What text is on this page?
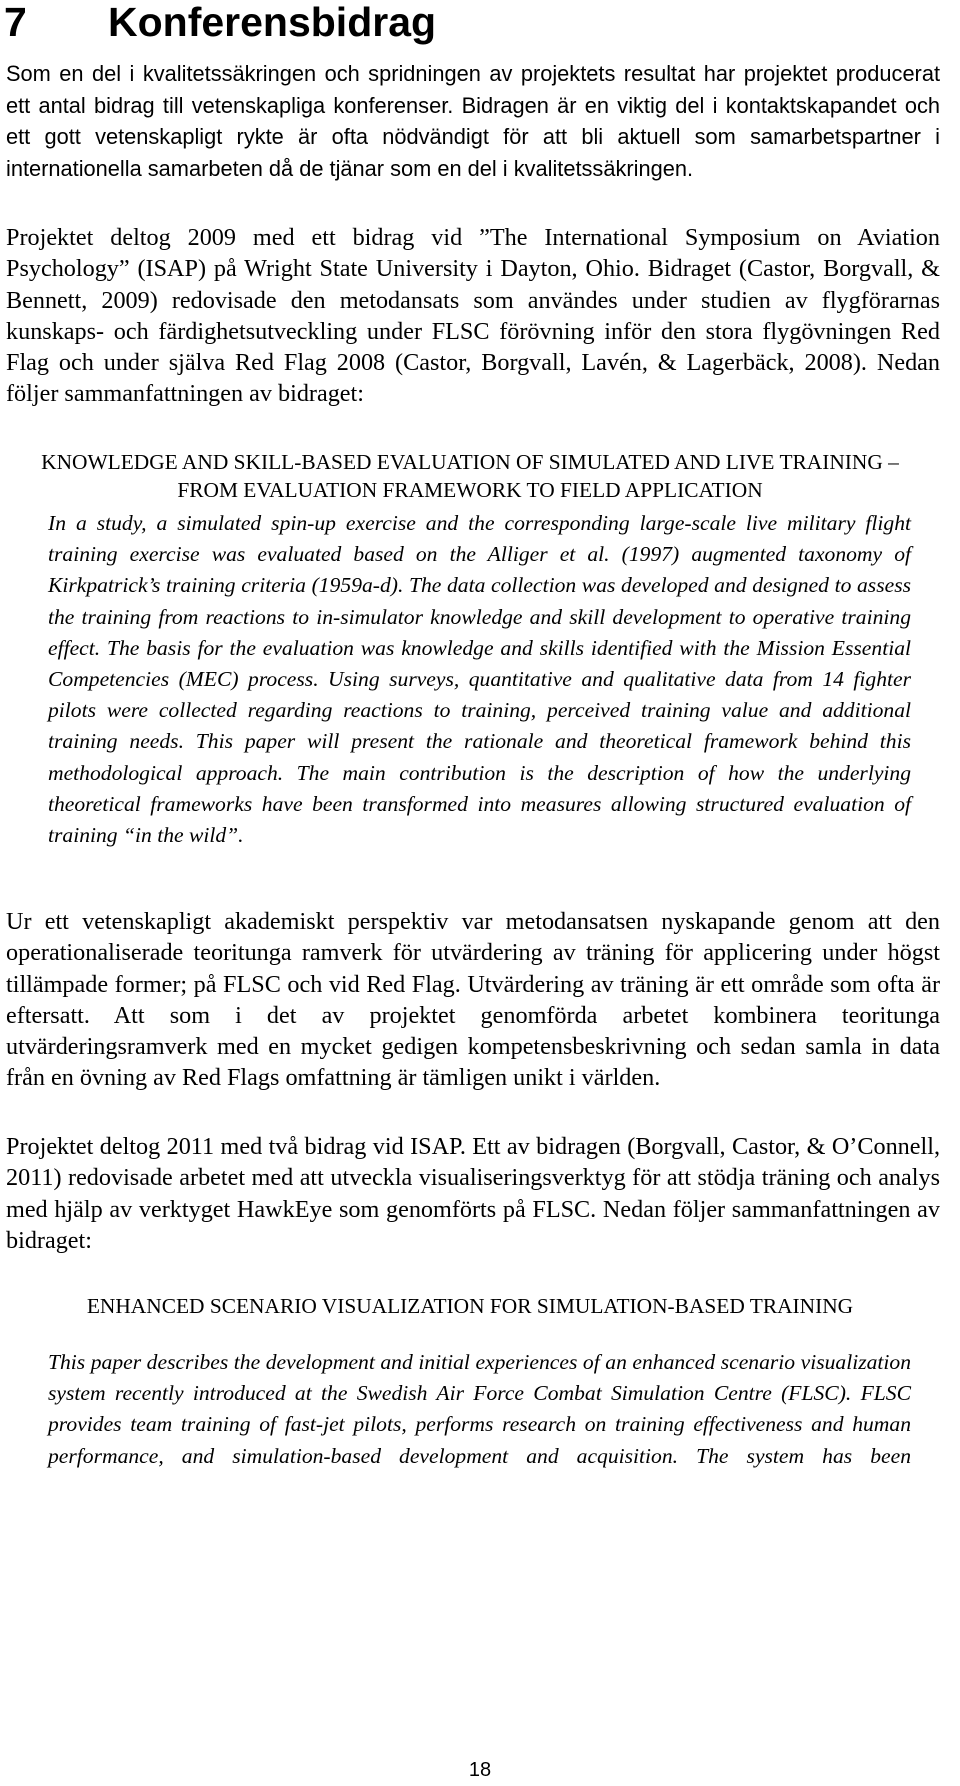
7 Konferensbidrag

Som en del i kvalitetssäkringen och spridningen av projektets resultat har projektet producerat ett antal bidrag till vetenskapliga konferenser. Bidragen är en viktig del i kontaktskapandet och ett gott vetenskapligt rykte är ofta nödvändigt för att bli aktuell som samarbetspartner i internationella samarbeten då de tjänar som en del i kvalitetssäkringen.

Projektet deltog 2009 med ett bidrag vid ”The International Symposium on Aviation Psychology” (ISAP) på Wright State University i Dayton, Ohio. Bidraget (Castor, Borgvall, & Bennett, 2009) redovisade den metodansats som användes under studien av flygförarnas kunskaps- och färdighetsutveckling under FLSC förövning inför den stora flygövningen Red Flag och under själva Red Flag 2008 (Castor, Borgvall, Lavén, & Lagerbäck, 2008). Nedan följer sammanfattningen av bidraget:

KNOWLEDGE AND SKILL-BASED EVALUATION OF SIMULATED AND LIVE TRAINING – FROM EVALUATION FRAMEWORK TO FIELD APPLICATION

In a study, a simulated spin-up exercise and the corresponding large-scale live military flight training exercise was evaluated based on the Alliger et al. (1997) augmented taxonomy of Kirkpatrick’s training criteria (1959a-d). The data collection was developed and designed to assess the training from reactions to in-simulator knowledge and skill development to operative training effect. The basis for the evaluation was knowledge and skills identified with the Mission Essential Competencies (MEC) process. Using surveys, quantitative and qualitative data from 14 fighter pilots were collected regarding reactions to training, perceived training value and additional training needs. This paper will present the rationale and theoretical framework behind this methodological approach. The main contribution is the description of how the underlying theoretical frameworks have been transformed into measures allowing structured evaluation of training “in the wild”.

Ur ett vetenskapligt akademiskt perspektiv var metodansatsen nyskapande genom att den operationaliserade teoritunga ramverk för utvärdering av träning för applicering under högst tillämpade former; på FLSC och vid Red Flag. Utvärdering av träning är ett område som ofta är eftersatt. Att som i det av projektet genomförda arbetet kombinera teoritunga utvärderingsramverk med en mycket gedigen kompetensbeskrivning och sedan samla in data från en övning av Red Flags omfattning är tämligen unikt i världen.

Projektet deltog 2011 med två bidrag vid ISAP. Ett av bidragen (Borgvall, Castor, & O’Connell, 2011) redovisade arbetet med att utveckla visualiseringsverktyg för att stödja träning och analys med hjälp av verktyget HawkEye som genomförts på FLSC. Nedan följer sammanfattningen av bidraget:

ENHANCED SCENARIO VISUALIZATION FOR SIMULATION-BASED TRAINING

This paper describes the development and initial experiences of an enhanced scenario visualization system recently introduced at the Swedish Air Force Combat Simulation Centre (FLSC). FLSC provides team training of fast-jet pilots, performs research on training effectiveness and human performance, and simulation-based development and acquisition. The system has been

18
